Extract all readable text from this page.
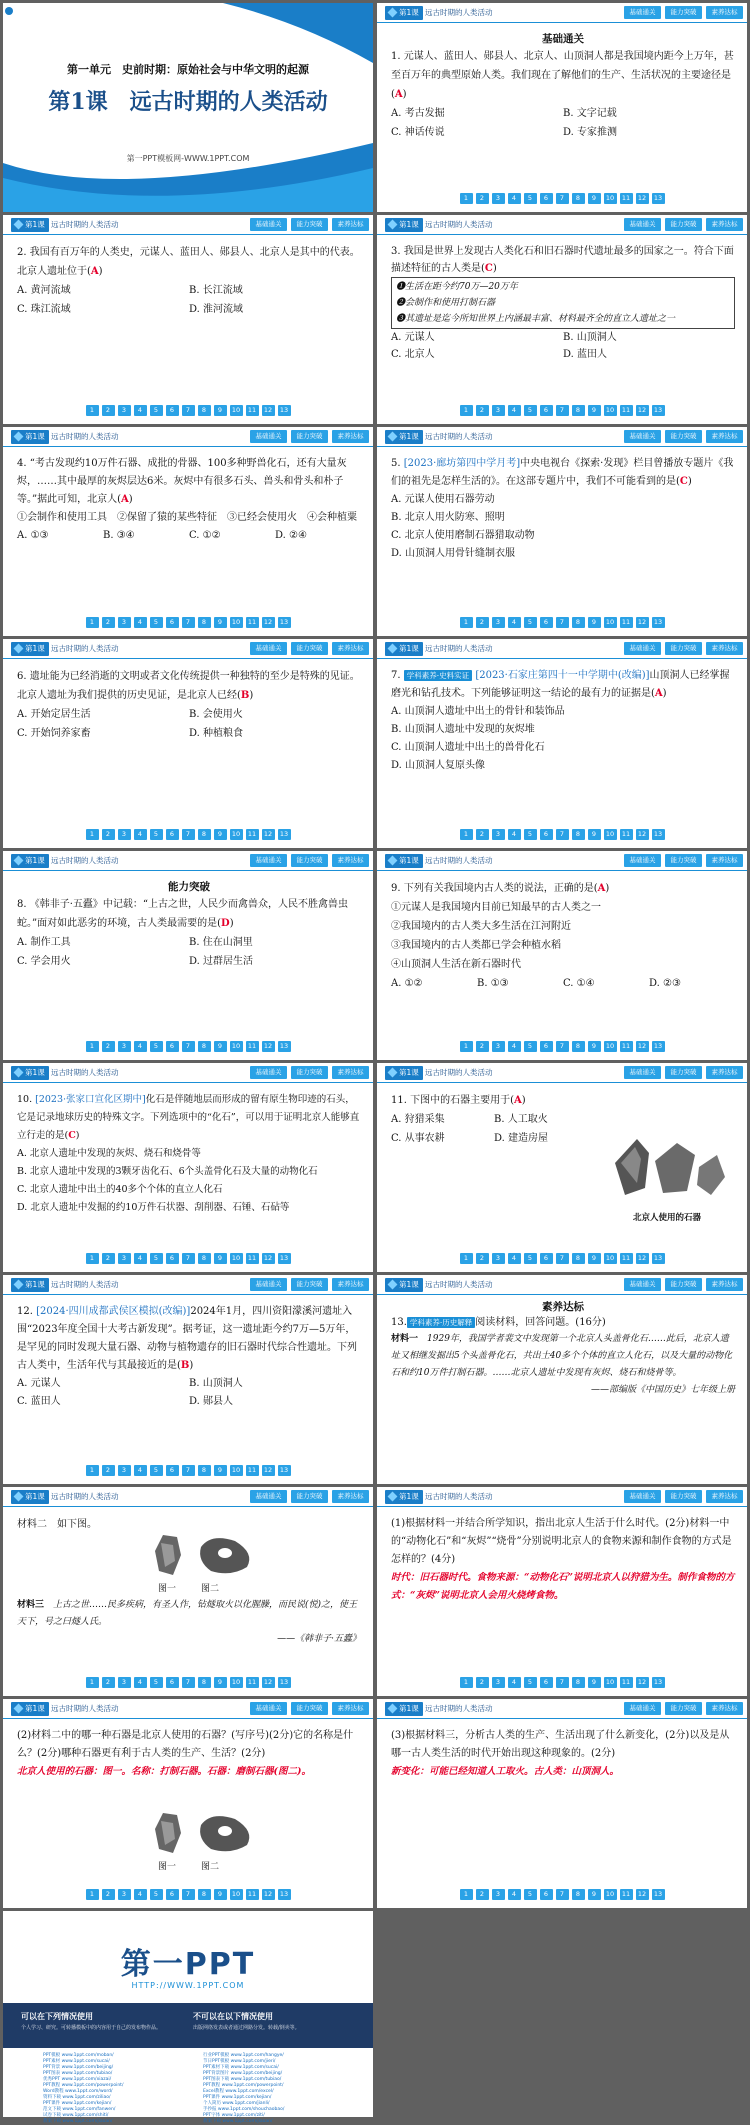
第一单元　史前时期：原始社会与中华文明的起源
第1课　远古时期的人类活动
第一PPT模板网-WWW.1PPT.COM
第1课 远古时期的人类活动	基础通关	能力突破	素养达标
基础通关

1. 元谋人、蓝田人、郧县人、北京人、山顶洞人都是我国境内距今上万年，甚至百万年的典型原始人类。我们现在了解他们的生产、生活状况的主要途径是(A)

A. 考古发掘	B. 文字记载
C. 神话传说	D. 专家推测
1	2	3	4	5	6	7	8	9	10	11	12	13
第1课 远古时期的人类活动	基础通关	能力突破	素养达标

2. 我国有百万年的人类史，元谋人、蓝田人、郧县人、北京人是其中的代表。北京人遗址位于(A)

A. 黄河流域	B. 长江流域
C. 珠江流域	D. 淮河流域
1	2	3	4	5	6	7	8	9	10	11	12	13
第1课 远古时期的人类活动	基础通关	能力突破	素养达标

3. 我国是世界上发现古人类化石和旧石器时代遗址最多的国家之一。符合下面描述特征的古人类是(C)

❶生活在距今约70万—20万年
❷会制作和使用打制石器
❸其遗址是迄今所知世界上内涵最丰富、材料最齐全的直立人遗址之一
A. 元谋人	B. 山顶洞人
C. 北京人	D. 蓝田人
1	2	3	4	5	6	7	8	9	10	11	12	13
第1课 远古时期的人类活动	基础通关	能力突破	素养达标

4. “考古发现约10万件石器、成批的骨器、100多种野兽化石，还有大量灰烬，……其中最厚的灰烬层达6米。灰烬中有很多石头、兽头和骨头和朴子等。”据此可知，北京人(A)

①会制作和使用工具　②保留了猿的某些特征　③已经会使用火　④会种植粟

A. ①③	B. ③④	C. ①②	D. ②④
1	2	3	4	5	6	7	8	9	10	11	12	13
第1课 远古时期的人类活动	基础通关	能力突破	素养达标

5. [2023·廊坊第四中学月考]中央电视台《探索·发现》栏目曾播放专题片《我们的祖先是怎样生活的》。在这部专题片中，我们不可能看到的是(C)

A. 元谋人使用石器劳动
B. 北京人用火防寒、照明
C. 北京人使用磨制石器猎取动物
D. 山顶洞人用骨针缝制衣服
1	2	3	4	5	6	7	8	9	10	11	12	13
第1课 远古时期的人类活动	基础通关	能力突破	素养达标

6. 遗址能为已经消逝的文明或者文化传统提供一种独特的至少是特殊的见证。北京人遗址为我们提供的历史见证，是北京人已经(B)

A. 开始定居生活	B. 会使用火
C. 开始饲养家畜	D. 种植粮食
1	2	3	4	5	6	7	8	9	10	11	12	13
第1课 远古时期的人类活动	基础通关	能力突破	素养达标

7. 学科素养·史料实证 [2023·石家庄第四十一中学期中(改编)]山顶洞人已经掌握磨光和钻孔技术。下列能够证明这一结论的最有力的证据是(A)

A. 山顶洞人遗址中出土的骨针和装饰品
B. 山顶洞人遗址中发现的灰烬堆
C. 山顶洞人遗址中出土的兽骨化石
D. 山顶洞人复原头像
1	2	3	4	5	6	7	8	9	10	11	12	13
第1课 远古时期的人类活动	基础通关	能力突破	素养达标
能力突破

8. 《韩非子·五蠹》中记载：“上古之世，人民少而禽兽众，人民不胜禽兽虫蛇。”面对如此恶劣的环境，古人类最需要的是(D)

A. 制作工具	B. 住在山洞里
C. 学会用火	D. 过群居生活
1	2	3	4	5	6	7	8	9	10	11	12	13
第1课 远古时期的人类活动	基础通关	能力突破	素养达标

9. 下列有关我国境内古人类的说法，正确的是(A)

①元谋人是我国境内目前已知最早的古人类之一
②我国境内的古人类大多生活在江河附近
③我国境内的古人类都已学会种植水稻
④山顶洞人生活在新石器时代
A. ①②	B. ①③	C. ①④	D. ②③
1	2	3	4	5	6	7	8	9	10	11	12	13
第1课 远古时期的人类活动	基础通关	能力突破	素养达标

10. [2023·张家口宣化区期中]化石是伴随地层而形成的留有原生物印迹的石头，它是记录地球历史的特殊文字。下列选项中的“化石”，可以用于证明北京人能够直立行走的是(C)

A. 北京人遗址中发现的灰烬、烧石和烧骨等
B. 北京人遗址中发现的3颗牙齿化石、6个头盖骨化石及大量的动物化石
C. 北京人遗址中出土的40多个个体的直立人化石
D. 北京人遗址中发掘的约10万件石状器、刮削器、石锤、石砧等
1	2	3	4	5	6	7	8	9	10	11	12	13
第1课 远古时期的人类活动	基础通关	能力突破	素养达标

11. 下图中的石器主要用于(A)

A. 狩猎采集	B. 人工取火
C. 从事农耕	D. 建造房屋
北京人使用的石器
1	2	3	4	5	6	7	8	9	10	11	12	13
第1课 远古时期的人类活动	基础通关	能力突破	素养达标

12. [2024·四川成都武侯区模拟(改编)]2024年1月，四川资阳濛溪河遗址入围“2023年度全国十大考古新发现”。据考证，这一遗址距今约7万—5万年，是罕见的同时发现大量石器、动物与植物遗存的旧石器时代综合性遗址。下列古人类中，生活年代与其最接近的是(B)

A. 元谋人	B. 山顶洞人
C. 蓝田人	D. 郧县人
1	2	3	4	5	6	7	8	9	10	11	12	13
第1课 远古时期的人类活动	基础通关	能力突破	素养达标
素养达标

13. 学科素养·历史解释 阅读材料，回答问题。(16分)

材料一　 1929年，我国学者裴文中发现第一个北京人头盖骨化石……此后，北京人遗址又相继发掘出5个头盖骨化石，共出土40多个个体的直立人化石，以及大量的动物化石和约10万件打制石器。……北京人遗址中发现有灰烬、烧石和烧骨等。

——部编版《中国历史》七年级上册

第1课 远古时期的人类活动	基础通关	能力突破	素养达标

材料二　如下图。

图一	图二

材料三　 上古之世……民多疾病，有圣人作，钻燧取火以化腥臊，而民说(悦)之，使王天下，号之曰燧人氏。

——《韩非子·五蠹》

1	2	3	4	5	6	7	8	9	10	11	12	13
第1课 远古时期的人类活动	基础通关	能力突破	素养达标

(1)根据材料一并结合所学知识，指出北京人生活于什么时代。(2分)材料一中的“动物化石”和“灰烬”“烧骨”分别说明北京人的食物来源和制作食物的方式是怎样的？(4分)

时代：旧石器时代。食物来源：“动物化石”说明北京人以狩猎为生。制作食物的方式：“灰烬”说明北京人会用火烧烤食物。

1	2	3	4	5	6	7	8	9	10	11	12	13
第1课 远古时期的人类活动	基础通关	能力突破	素养达标

(2)材料二中的哪一种石器是北京人使用的石器？(写序号)(2分)它的名称是什么？(2分)哪种石器更有利于古人类的生产、生活？(2分)

北京人使用的石器：图一。名称：打制石器。石器：磨制石器(图二)。

图一	图二
1	2	3	4	5	6	7	8	9	10	11	12	13
第1课 远古时期的人类活动	基础通关	能力突破	素养达标

(3)根据材料三，分析古人类的生产、生活出现了什么新变化，(2分)以及是从哪一古人类生活的时代开始出现这种现象的。(2分)

新变化：可能已经知道人工取火。古人类：山顶洞人。

1	2	3	4	5	6	7	8	9	10	11	12	13
第一PPT
HTTP://WWW.1PPT.COM
可以在下列情况使用
个人学习、研究。可转播模板中的内容用于自己的发布物作品。
不可以在以下情况使用
出版网络发表或者通过网路分发。转载/倒卖等。
PPT模板 www.1ppt.com/moban/
PPT素材 www.1ppt.com/sucai/
PPT背景 www.1ppt.com/beijing/
PPT图表 www.1ppt.com/tubiao/
优秀PPT www.1ppt.com/xiazai/
PPT教程 www.1ppt.com/powerpoint/
Word教程 www.1ppt.com/word/
资料下载 www.1ppt.com/ziliao/
PPT课件 www.1ppt.com/kejian/
范文下载 www.1ppt.com/fanwen/
试卷下载 www.1ppt.com/shiti/
教案下载 www.1ppt.com/jiaoan/
行业PPT模板 www.1ppt.com/hangye/
节日PPT模板 www.1ppt.com/jieri/
PPT素材下载 www.1ppt.com/sucai/
PPT背景图片 www.1ppt.com/beijing/
PPT图表下载 www.1ppt.com/tubiao/
PPT教程 www.1ppt.com/powerpoint/
Excel教程 www.1ppt.com/excel/
PPT课件 www.1ppt.com/kejian/
个人简历 www.1ppt.com/jianli/
手抄报 www.1ppt.com/shouchaobao/
PPT字体 www.1ppt.com/ziti/
教案下载 www.1ppt.com/jiaoan/
